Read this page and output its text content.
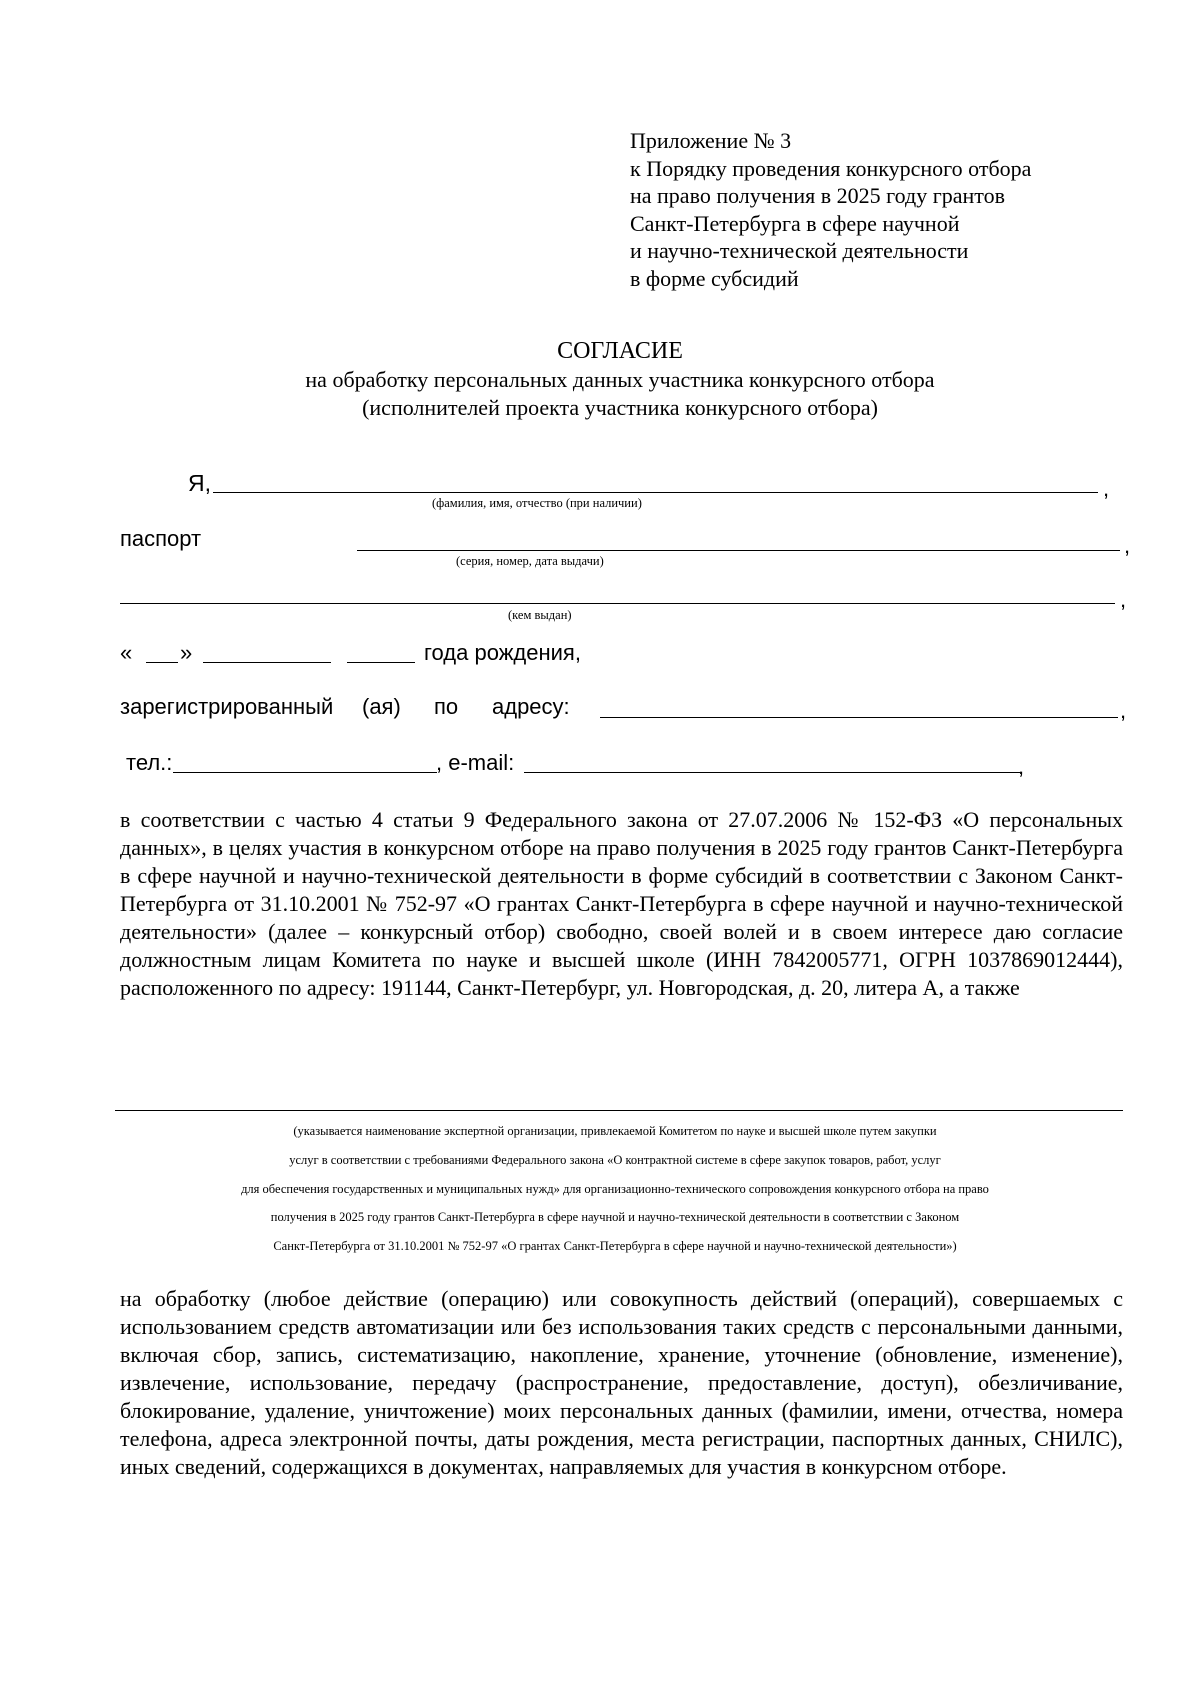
Приложение № 3
к Порядку проведения конкурсного отбора
на право получения в 2025 году грантов
Санкт-Петербурга в сфере научной
и научно-технической деятельности
в форме субсидий
СОГЛАСИЕ
на обработку персональных данных участника конкурсного отбора
(исполнителей проекта участника конкурсного отбора)
Я,	,
(фамилия, имя, отчество (при наличии)
паспорт	,
(серия, номер, дата выдачи)
,
(кем выдан)
« »	года рождения,
зарегистрированный (ая) по адресу:	,
тел.:	, e-mail:	,
в соответствии с частью 4 статьи 9 Федерального закона от 27.07.2006 № 152-ФЗ «О персональных данных», в целях участия в конкурсном отборе на право получения в 2025 году грантов Санкт-Петербурга в сфере научной и научно-технической деятельности в форме субсидий в соответствии с Законом Санкт-Петербурга от 31.10.2001 № 752-97 «О грантах Санкт-Петербурга в сфере научной и научно-технической деятельности» (далее – конкурсный отбор) свободно, своей волей и в своем интересе даю согласие должностным лицам Комитета по науке и высшей школе (ИНН 7842005771, ОГРН 1037869012444), расположенного по адресу: 191144, Санкт-Петербург, ул. Новгородская, д. 20, литера А, а также
(указывается наименование экспертной организации, привлекаемой Комитетом по науке и высшей школе путем закупки
услуг в соответствии с требованиями Федерального закона «О контрактной системе в сфере закупок товаров, работ, услуг
для обеспечения государственных и муниципальных нужд» для организационно-технического сопровождения конкурсного отбора на право
получения в 2025 году грантов Санкт-Петербурга в сфере научной и научно-технической деятельности в соответствии с Законом
Санкт-Петербурга от 31.10.2001 № 752-97 «О грантах Санкт-Петербурга в сфере научной и научно-технической деятельности»)
на обработку (любое действие (операцию) или совокупность действий (операций), совершаемых с использованием средств автоматизации или без использования таких средств с персональными данными, включая сбор, запись, систематизацию, накопление, хранение, уточнение (обновление, изменение), извлечение, использование, передачу (распространение, предоставление, доступ), обезличивание, блокирование, удаление, уничтожение) моих персональных данных (фамилии, имени, отчества, номера телефона, адреса электронной почты, даты рождения, места регистрации, паспортных данных, СНИЛС), иных сведений, содержащихся в документах, направляемых для участия в конкурсном отборе.
